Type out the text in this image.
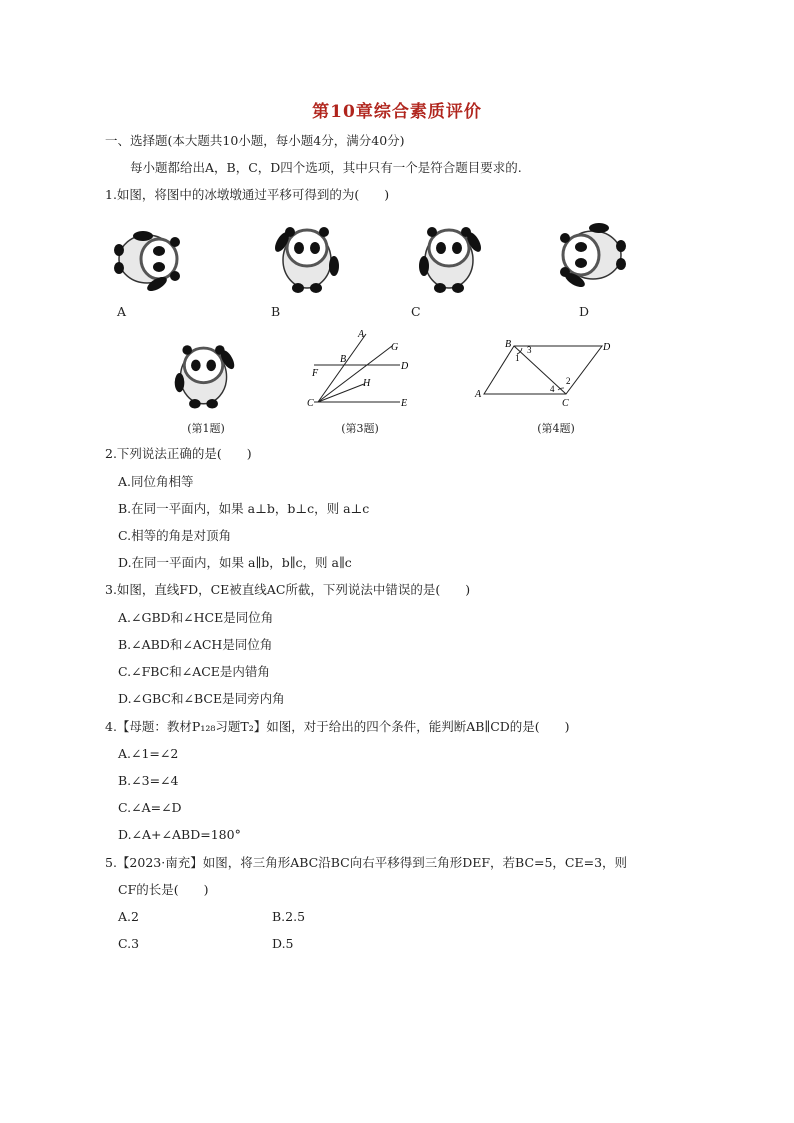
第10章综合素质评价
一、选择题(本大题共10小题，每小题4分，满分40分)
每小题都给出A，B，C，D四个选项，其中只有一个是符合题目要求的.
1.如图，将图中的冰墩墩通过平移可得到的为(　　)
A	B	C	D
A
B
G
F
D
H
C	E
B	D
A
C
1
3
4
2
(第1题)	(第3题)	(第4题)
2.下列说法正确的是(　　)
A.同位角相等
B.在同一平面内，如果 a⊥b，b⊥c，则 a⊥c
C.相等的角是对顶角
D.在同一平面内，如果 a∥b，b∥c，则 a∥c
3.如图，直线FD，CE被直线AC所截，下列说法中错误的是(　　)
A.∠GBD和∠HCE是同位角
B.∠ABD和∠ACH是同位角
C.∠FBC和∠ACE是内错角
D.∠GBC和∠BCE是同旁内角
4.【母题：教材P₁₂₈习题T₂】如图，对于给出的四个条件，能判断AB∥CD的是(　　)
A.∠1=∠2
B.∠3=∠4
C.∠A=∠D
D.∠A+∠ABD=180°
5.【2023·南充】如图，将三角形ABC沿BC向右平移得到三角形DEF，若BC=5，CE=3，则
CF的长是(　　)
A.2	B.2.5
C.3	D.5
